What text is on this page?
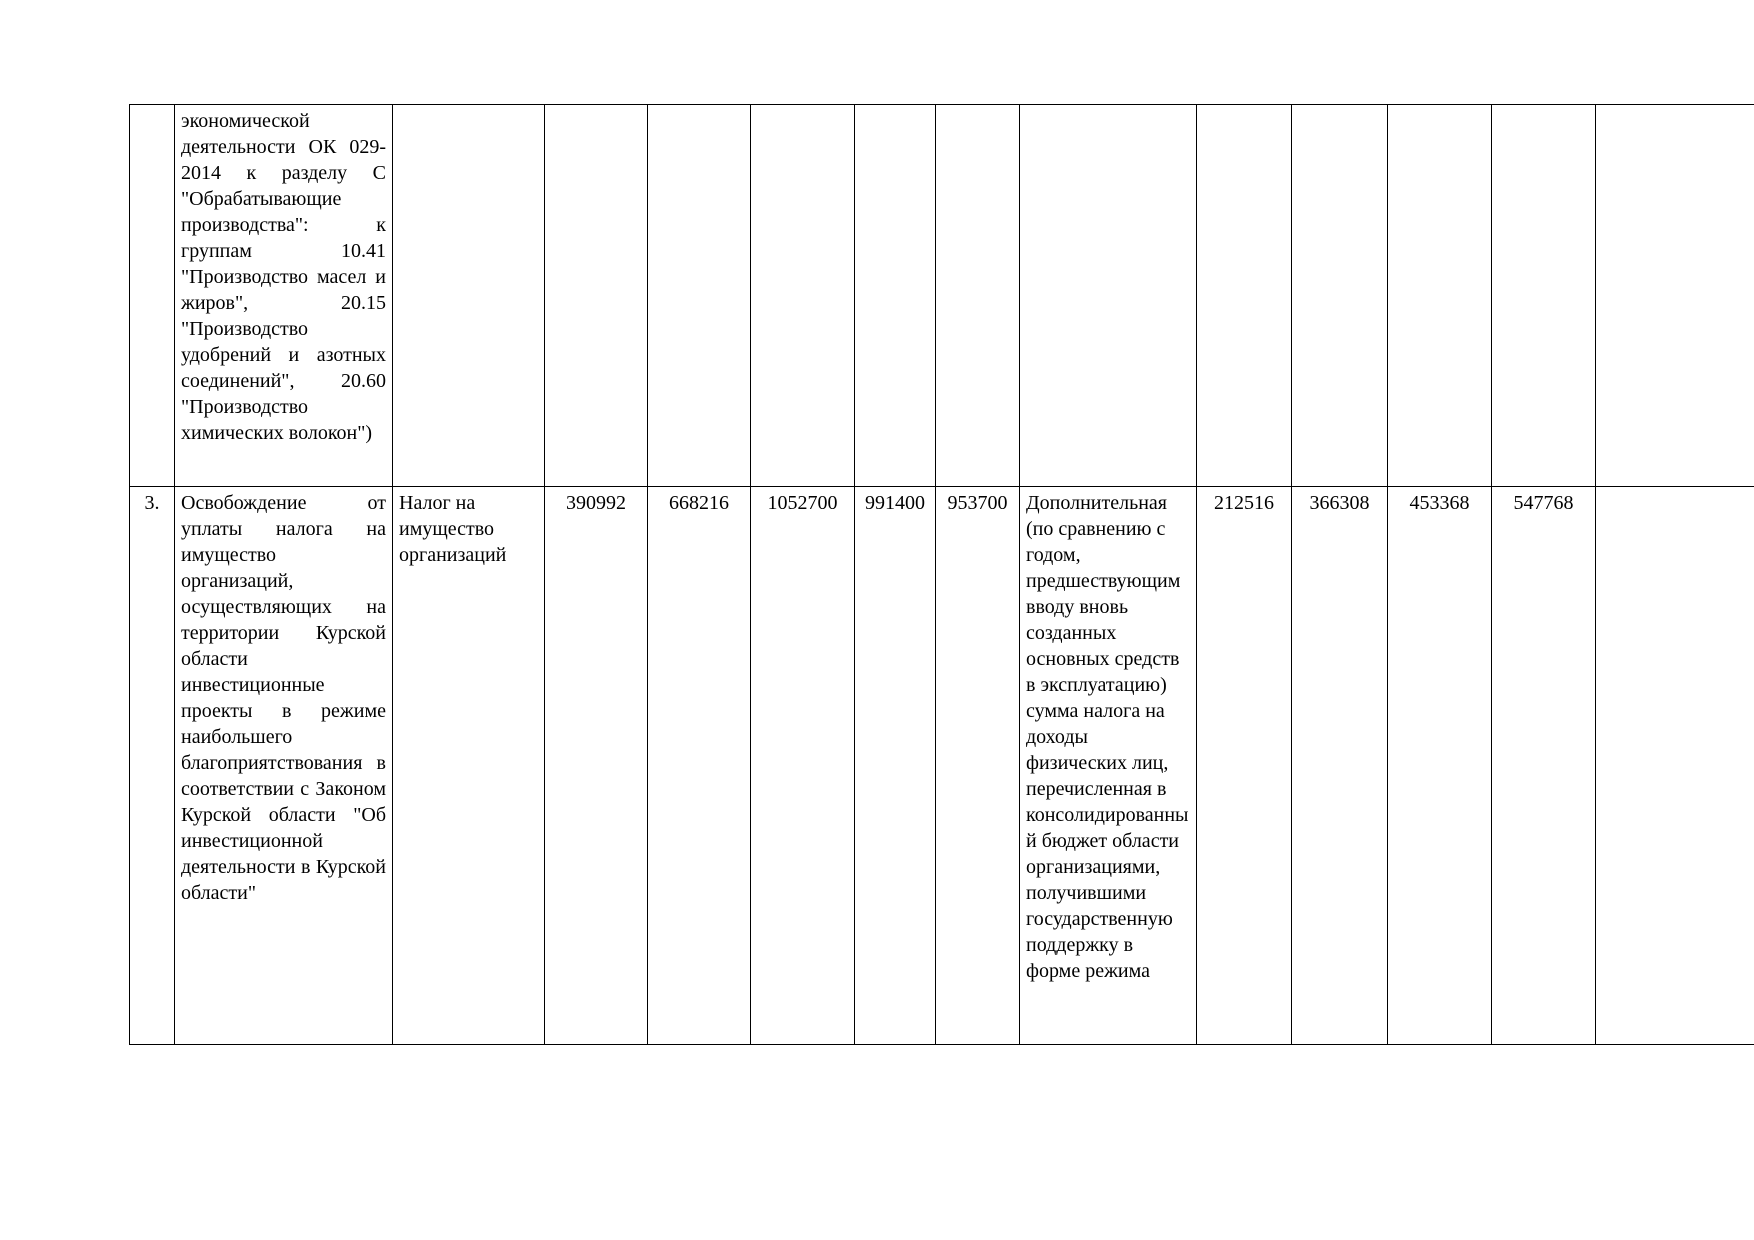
	экономической деятельности ОК 029-2014 к разделу С "Обрабатывающие производства": к группам 10.41 "Производство масел и жиров", 20.15 "Производство удобрений и азотных соединений", 20.60 "Производство химических волокон")												
3.	Освобождение от уплаты налога на имущество организаций, осуществляющих на территории Курской области инвестиционные проекты в режиме наибольшего благоприятствования в соответствии с Законом Курской области "Об инвестиционной деятельности в Курской области"	Налог на имущество организаций	390992	668216	1052700	991400	953700	Дополнительная (по сравнению с годом, предшествующим вводу вновь созданных основных средств в эксплуатацию) сумма налога на доходы физических лиц, перечисленная в консолидированный бюджет области организациями, получившими государственную поддержку в форме режима	212516	366308	453368	547768	
